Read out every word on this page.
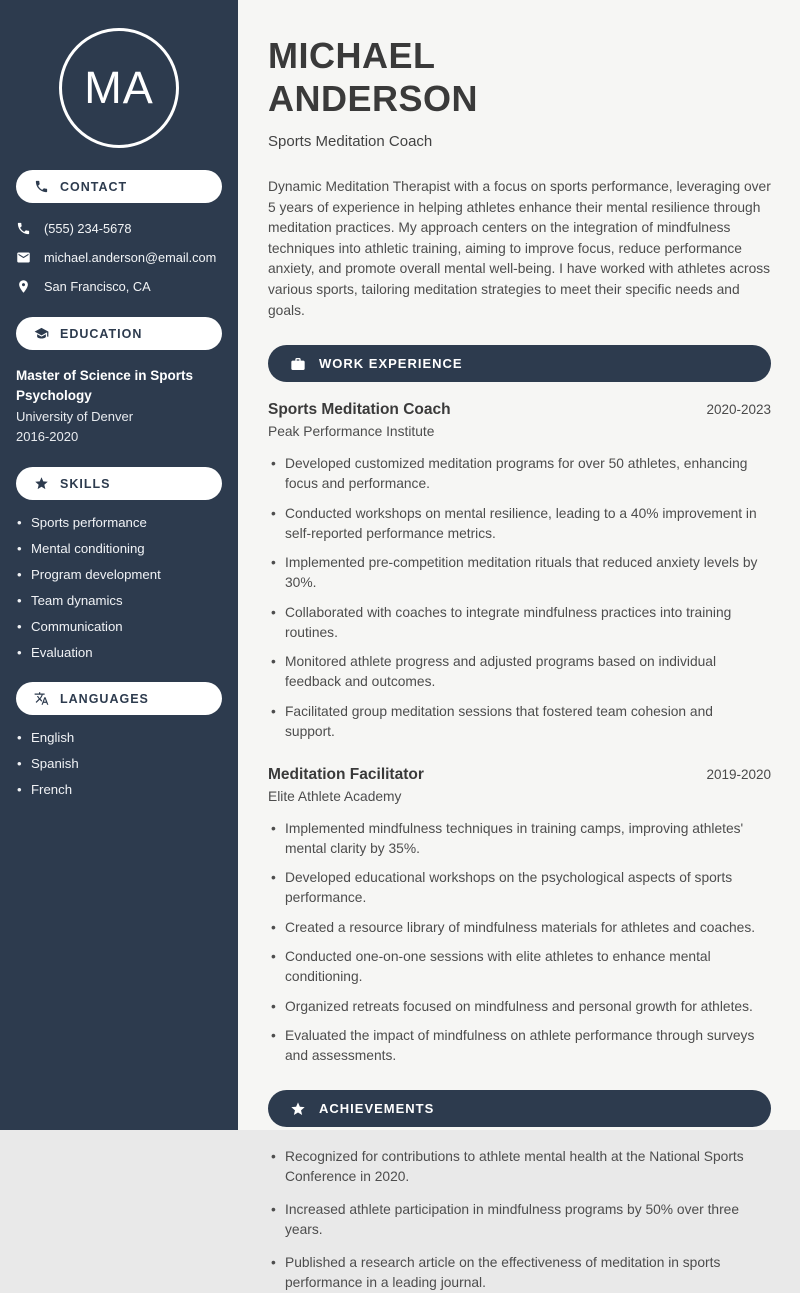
MA
CONTACT
(555) 234-5678
michael.anderson@email.com
San Francisco, CA
EDUCATION
Master of Science in Sports Psychology
University of Denver
2016-2020
SKILLS
• Sports performance
• Mental conditioning
• Program development
• Team dynamics
• Communication
• Evaluation
LANGUAGES
• English
• Spanish
• French
MICHAEL
ANDERSON
Sports Meditation Coach

Dynamic Meditation Therapist with a focus on sports performance, leveraging over 5 years of experience in helping athletes enhance their mental resilience through meditation practices. My approach centers on the integration of mindfulness techniques into athletic training, aiming to improve focus, reduce performance anxiety, and promote overall mental well-being. I have worked with athletes across various sports, tailoring meditation strategies to meet their specific needs and goals.

WORK EXPERIENCE
Sports Meditation Coach	2020-2023
Peak Performance Institute
• Developed customized meditation programs for over 50 athletes, enhancing focus and performance.
• Conducted workshops on mental resilience, leading to a 40% improvement in self-reported performance metrics.
• Implemented pre-competition meditation rituals that reduced anxiety levels by 30%.
• Collaborated with coaches to integrate mindfulness practices into training routines.
• Monitored athlete progress and adjusted programs based on individual feedback and outcomes.
• Facilitated group meditation sessions that fostered team cohesion and support.
Meditation Facilitator	2019-2020
Elite Athlete Academy
• Implemented mindfulness techniques in training camps, improving athletes' mental clarity by 35%.
• Developed educational workshops on the psychological aspects of sports performance.
• Created a resource library of mindfulness materials for athletes and coaches.
• Conducted one-on-one sessions with elite athletes to enhance mental conditioning.
• Organized retreats focused on mindfulness and personal growth for athletes.
• Evaluated the impact of mindfulness on athlete performance through surveys and assessments.
ACHIEVEMENTS
• Recognized for contributions to athlete mental health at the National Sports Conference in 2020.
• Increased athlete participation in mindfulness programs by 50% over three years.
• Published a research article on the effectiveness of meditation in sports performance in a leading journal.
